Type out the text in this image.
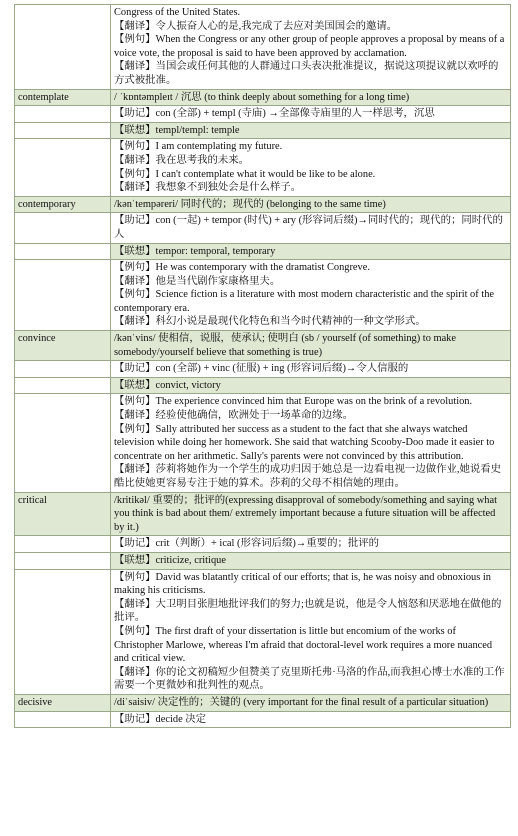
	Congress of the United States.
【翻译】令人振奋人心的是,我完成了去应对美国国会的邀请。
【例句】When the Congress or any other group of people approves a proposal by means of a voice vote, the proposal is said to have been approved by acclamation.
【翻译】当国会或任何其他的人群通过口头表决批准提议，据说这项提议就以欢呼的方式被批准。

contemplate	/ ˈkɒntəmpleɪt / 沉思 (to think deeply about something for a long time)

	【助记】con (全部) + templ (寺庙) →全部像寺庙里的人一样思考，沉思

	【联想】templ/templ: temple

	【例句】I am contemplating my future.
【翻译】我在思考我的未来。
【例句】I can't contemplate what it would be like to be alone.
【翻译】我想象不到独处会是什么样子。

contemporary	/kənˈtempəreri/ 同时代的；现代的 (belonging to the same time)

	【助记】con (一起) + tempor (时代) + ary (形容词后缀)→同时代的；现代的；同时代的人

	【联想】tempor: temporal, temporary

	【例句】He was contemporary with the dramatist Congreve.
【翻译】他是当代剧作家康格里夫。
【例句】Science fiction is a literature with most modern characteristic and the spirit of the contemporary era.
【翻译】科幻小说是最现代化特色和当今时代精神的一种文学形式。

convince	/kənˈvins/ 使相信，说服，使承认; 使明白 (sb / yourself (of something) to make somebody/yourself believe that something is true)

	【助记】con (全部) + vinc (征服) + ing (形容词后缀)→令人信服的

	【联想】convict, victory

	【例句】The experience convinced him that Europe was on the brink of a revolution.
【翻译】经验使他确信，欧洲处于一场革命的边缘。
【例句】Sally attributed her success as a student to the fact that she always watched television while doing her homework. She said that watching Scooby-Doo made it easier to concentrate on her arithmetic. Sally's parents were not convinced by this attribution.
【翻译】莎莉将她作为一个学生的成功归因于她总是一边看电视一边做作业,她说看史酷比使她更容易专注于她的算术。莎莉的父母不相信她的理由。

critical	/kritikəl/ 重要的；批评的(expressing disapproval of somebody/something and saying what you think is bad about them/ extremely important because a future situation will be affected by it.)

	【助记】crit（判断）+ ical (形容词后缀)→重要的；批评的

	【联想】criticize, critique

	【例句】David was blatantly critical of our efforts; that is, he was noisy and obnoxious in making his criticisms.
【翻译】大卫明目张胆地批评我们的努力;也就是说，他是令人恼怒和厌恶地在做他的批评。
【例句】The first draft of your dissertation is little but encomium of the works of Christopher Marlowe, whereas I'm afraid that doctoral-level work requires a more nuanced and critical view.
【翻译】你的论文初稿短少但赞美了克里斯托弗·马洛的作品,而我担心博士水准的工作需要一个更微妙和批判性的观点。

decisive	/diˈsaisiv/ 决定性的；关键的 (very important for the final result of a particular situation)

	【助记】decide 决定
